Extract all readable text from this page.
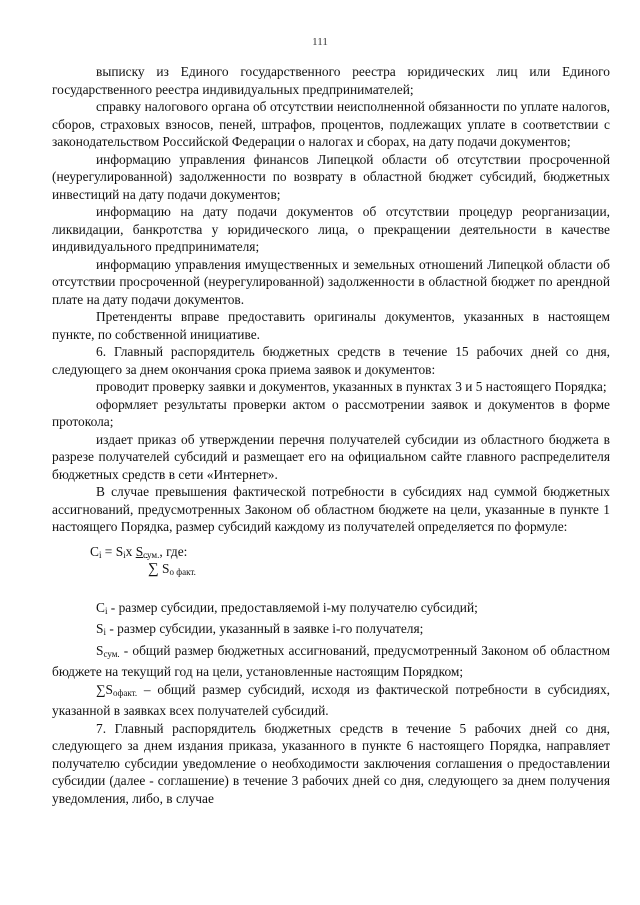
111

выписку из Единого государственного реестра юридических лиц или Единого государственного реестра индивидуальных предпринимателей;

справку налогового органа об отсутствии неисполненной обязанности по уплате налогов, сборов, страховых взносов, пеней, штрафов, процентов, подлежащих уплате в соответствии с законодательством Российской Федерации о налогах и сборах, на дату подачи документов;

информацию управления финансов Липецкой области об отсутствии просроченной (неурегулированной) задолженности по возврату в областной бюджет субсидий, бюджетных инвестиций на дату подачи документов;

информацию на дату подачи документов об отсутствии процедур реорганизации, ликвидации, банкротства у юридического лица, о прекращении деятельности в качестве индивидуального предпринимателя;

информацию управления имущественных и земельных отношений Липецкой области об отсутствии просроченной (неурегулированной) задолженности в областной бюджет по арендной плате на дату подачи документов.

Претенденты вправе предоставить оригиналы документов, указанных в настоящем пункте, по собственной инициативе.

6. Главный распорядитель бюджетных средств в течение 15 рабочих дней со дня, следующего за днем окончания срока приема заявок и документов:

проводит проверку заявки и документов, указанных в пунктах 3 и 5 настоящего Порядка;

оформляет результаты проверки актом о рассмотрении заявок и документов в форме протокола;

издает приказ об утверждении перечня получателей субсидии из областного бюджета в разрезе получателей субсидий и размещает его на официальном сайте главного распределителя бюджетных средств в сети «Интернет».

В случае превышения фактической потребности в субсидиях над суммой бюджетных ассигнований, предусмотренных Законом об областном бюджете на цели, указанные в пункте 1 настоящего Порядка, размер субсидий каждому из получателей определяется по формуле:

$C_i = S_ix$ $S_{сум.}$, где:
∑ $S_{о факт.}$

$C_i$ - размер субсидии, предоставляемой i-му получателю субсидий;

$S_i$ - размер субсидии, указанный в заявке i-го получателя;

$S_{сум.}$ - общий размер бюджетных ассигнований, предусмотренный Законом об областном бюджете на текущий год на цели, установленные настоящим Порядком;

$\sum S_{офакт.}$ – общий размер субсидий, исходя из фактической потребности в субсидиях, указанной в заявках всех получателей субсидий.

7. Главный распорядитель бюджетных средств в течение 5 рабочих дней со дня, следующего за днем издания приказа, указанного в пункте 6 настоящего Порядка, направляет получателю субсидии уведомление о необходимости заключения соглашения о предоставлении субсидии (далее - соглашение) в течение 3 рабочих дней со дня, следующего за днем получения уведомления, либо, в случае
